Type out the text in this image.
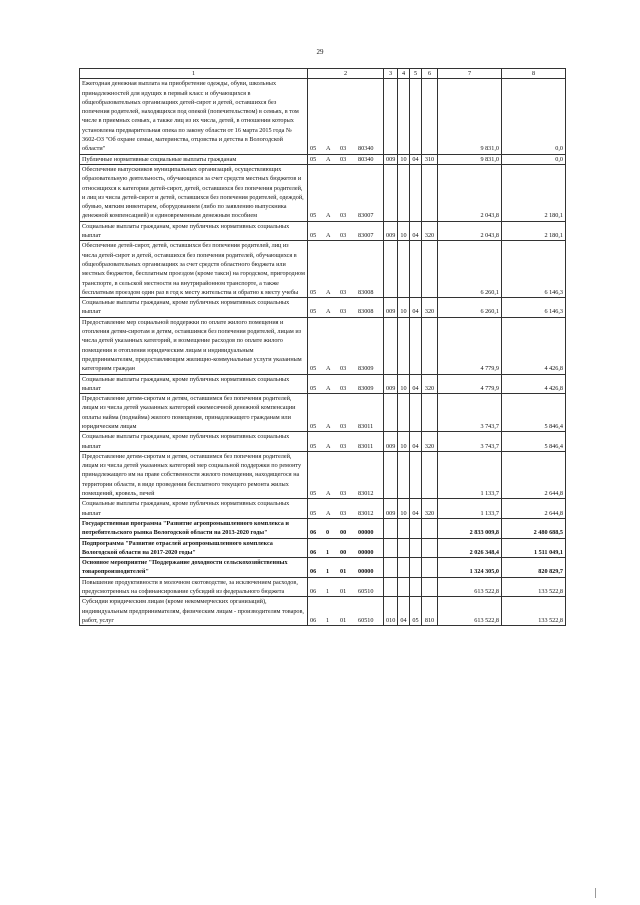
29
1	2	3	4	5	6	7	8
Ежегодная денежная выплата на приобретение одежды, обуви, школьных принадлежностей для идущих в первый класс и обучающихся в общеобразовательных организациях детей-сирот и детей, оставшихся без попечения родителей, находящихся под опекой (попечительством) в семьях, в том числе в приемных семьях, а также лиц из их числа, детей, в отношении которых установлена предварительная опека по закону области от 16 марта 2015 года № 3602-ОЗ "Об охране семьи, материнства, отцовства и детства в Вологодской области"	05 А 03 80340					9 831,0	0,0
Публичные нормативные социальные выплаты гражданам	05 А 03 80340	009	10	04	310	9 831,0	0,0
Обеспечение выпускников муниципальных организаций, осуществляющих образовательную деятельность, обучающихся за счет средств местных бюджетов и относящихся к категории детей-сирот, детей, оставшихся без попечения родителей, и лиц из числа детей-сирот и детей, оставшихся без попечения родителей, одеждой, обувью, мягким инвентарем, оборудованием (либо по заявлению выпускника денежной компенсацией) и единовременным денежным пособием	05 А 03 83007					2 043,8	2 180,1
Социальные выплаты гражданам, кроме публичных нормативных социальных выплат	05 А 03 83007	009	10	04	320	2 043,8	2 180,1
Обеспечение детей-сирот, детей, оставшихся без попечения родителей, лиц из числа детей-сирот и детей, оставшихся без попечения родителей, обучающихся в общеобразовательных организациях за счет средств областного бюджета или местных бюджетов, бесплатным проездом (кроме такси) на городском, пригородном транспорте, в сельской местности на внутрирайонном транспорте, а также бесплатным проездом один раз в год к месту жительства и обратно к месту учебы	05 А 03 83008					6 260,1	6 146,3
Социальные выплаты гражданам, кроме публичных нормативных социальных выплат	05 А 03 83008	009	10	04	320	6 260,1	6 146,3
Предоставление мер социальной поддержки по оплате жилого помещения и отопления детям-сиротам и детям, оставшимся без попечения родителей, лицам из числа детей указанных категорий, и возмещение расходов по оплате жилого помещения и отопления юридическим лицам и индивидуальным предпринимателям, предоставляющим жилищно-коммунальные услуги указанным категориям граждан	05 А 03 83009					4 779,9	4 426,8
Социальные выплаты гражданам, кроме публичных нормативных социальных выплат	05 А 03 83009	009	10	04	320	4 779,9	4 426,8
Предоставление детям-сиротам и детям, оставшимся без попечения родителей, лицам из числа детей указанных категорий ежемесячной денежной компенсации оплаты найма (поднайма) жилого помещения, принадлежащего гражданам или юридическим лицам	05 А 03 83011					3 743,7	5 846,4
Социальные выплаты гражданам, кроме публичных нормативных социальных выплат	05 А 03 83011	009	10	04	320	3 743,7	5 846,4
Предоставление детям-сиротам и детям, оставшимся без попечения родителей, лицам из числа детей указанных категорий мер социальной поддержки по ремонту принадлежащего им на праве собственности жилого помещения, находящегося на территории области, в виде проведения бесплатного текущего ремонта жилых помещений, кровель, печей	05 А 03 83012					1 133,7	2 644,8
Социальные выплаты гражданам, кроме публичных нормативных социальных выплат	05 А 03 83012	009	10	04	320	1 133,7	2 644,8
Государственная программа "Развитие агропромышленного комплекса и потребительского рынка Вологодской области на 2013-2020 годы"	06 0 00 00000					2 833 009,8	2 480 688,5
Подпрограмма "Развитие отраслей агропромышленного комплекса Вологодской области на 2017-2020 годы"	06 1 00 00000					2 026 348,4	1 511 049,1
Основное мероприятие "Поддержание доходности сельскохозяйственных товаропроизводителей"	06 1 01 00000					1 324 305,0	820 829,7
Повышение продуктивности в молочном скотоводстве, за исключением расходов, предусмотренных на софинансирование субсидий из федерального бюджета	06 1 01 60510					613 522,8	133 522,8
Субсидии юридическим лицам (кроме некоммерческих организаций), индивидуальным предпринимателям, физическим лицам - производителям товаров, работ, услуг	06 1 01 60510	010	04	05	810	613 522,8	133 522,8
